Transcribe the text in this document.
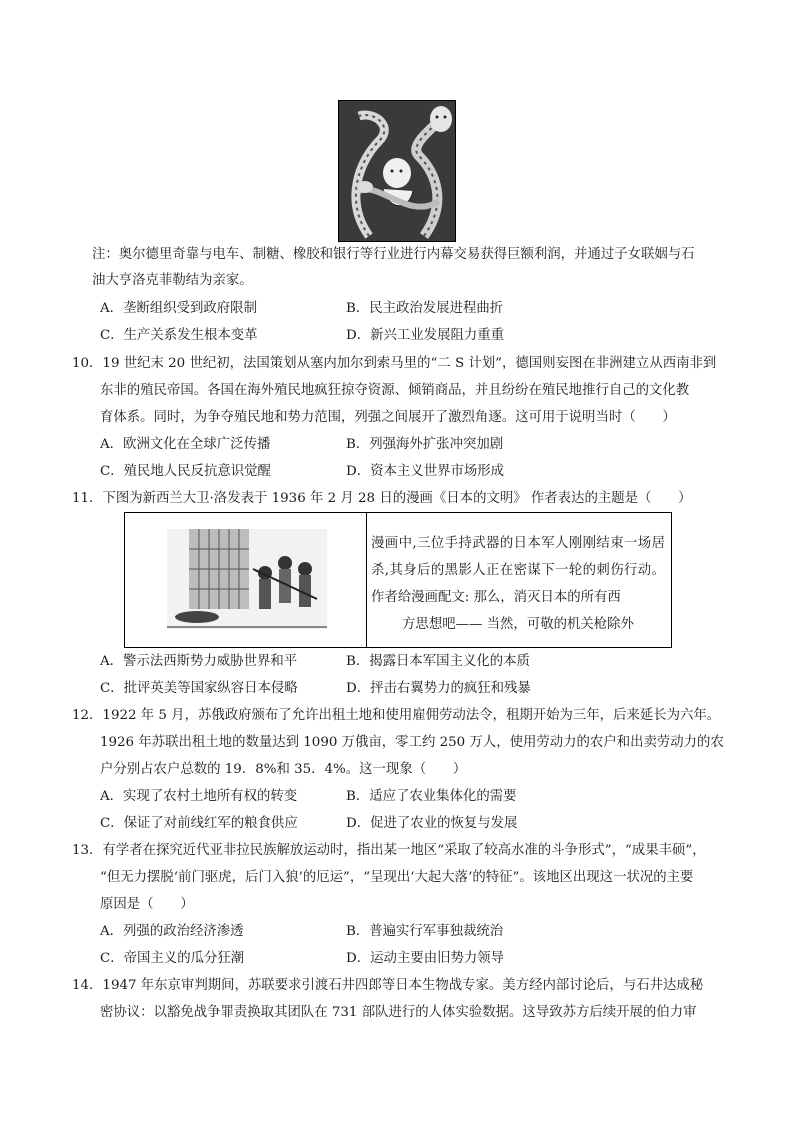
注：奥尔德里奇靠与电车、制糖、橡胶和银行等行业进行内幕交易获得巨额利润，并通过子女联姻与石
油大亨洛克菲勒结为亲家。
A．垄断组织受到政府限制	B．民主政治发展进程曲折
C．生产关系发生根本变革	D．新兴工业发展阻力重重
10．19 世纪末 20 世纪初，法国策划从塞内加尔到索马里的“二 S 计划”，德国则妄图在非洲建立从西南非到
东非的殖民帝国。各国在海外殖民地疯狂掠夺资源、倾销商品，并且纷纷在殖民地推行自己的文化教
育体系。同时，为争夺殖民地和势力范围，列强之间展开了激烈角逐。这可用于说明当时（　　）
A．欧洲文化在全球广泛传播	B．列强海外扩张冲突加剧
C．殖民地人民反抗意识觉醒	D．资本主义世界市场形成
11．下图为新西兰大卫·洛发表于 1936 年 2 月 28 日的漫画《日本的文明》 作者表达的主题是（　　）
漫画中,三位手持武器的日本军人刚刚结束一场居杀,其身后的黑影人正在密谋下一轮的刺伤行动。作者给漫画配文: 那么，消灭日本的所有西
方思想吧—— 当然，可敬的机关枪除外
A．警示法西斯势力威胁世界和平	B．揭露日本军国主义化的本质
C．批评英美等国家纵容日本侵略	D．抨击右翼势力的疯狂和残暴
12．1922 年 5 月，苏俄政府颁布了允许出租土地和使用雇佣劳动法令，租期开始为三年，后来延长为六年。
1926 年苏联出租土地的数量达到 1090 万俄亩，零工约 250 万人，使用劳动力的农户和出卖劳动力的农
户分别占农户总数的 19．8%和 35．4%。这一现象（　　）
A．实现了农村土地所有权的转变	B．适应了农业集体化的需要
C．保证了对前线红军的粮食供应	D．促进了农业的恢复与发展
13．有学者在探究近代亚非拉民族解放运动时，指出某一地区“采取了较高水准的斗争形式”，“成果丰硕”，
“但无力摆脱‘前门驱虎，后门入狼’的厄运”，“呈现出‘大起大落’的特征”。该地区出现这一状况的主要
原因是（　　）
A．列强的政治经济渗透	B．普遍实行军事独裁统治
C．帝国主义的瓜分狂潮	D．运动主要由旧势力领导
14．1947 年东京审判期间，苏联要求引渡石井四郎等日本生物战专家。美方经内部讨论后，与石井达成秘
密协议：以豁免战争罪责换取其团队在 731 部队进行的人体实验数据。这导致苏方后续开展的伯力审
